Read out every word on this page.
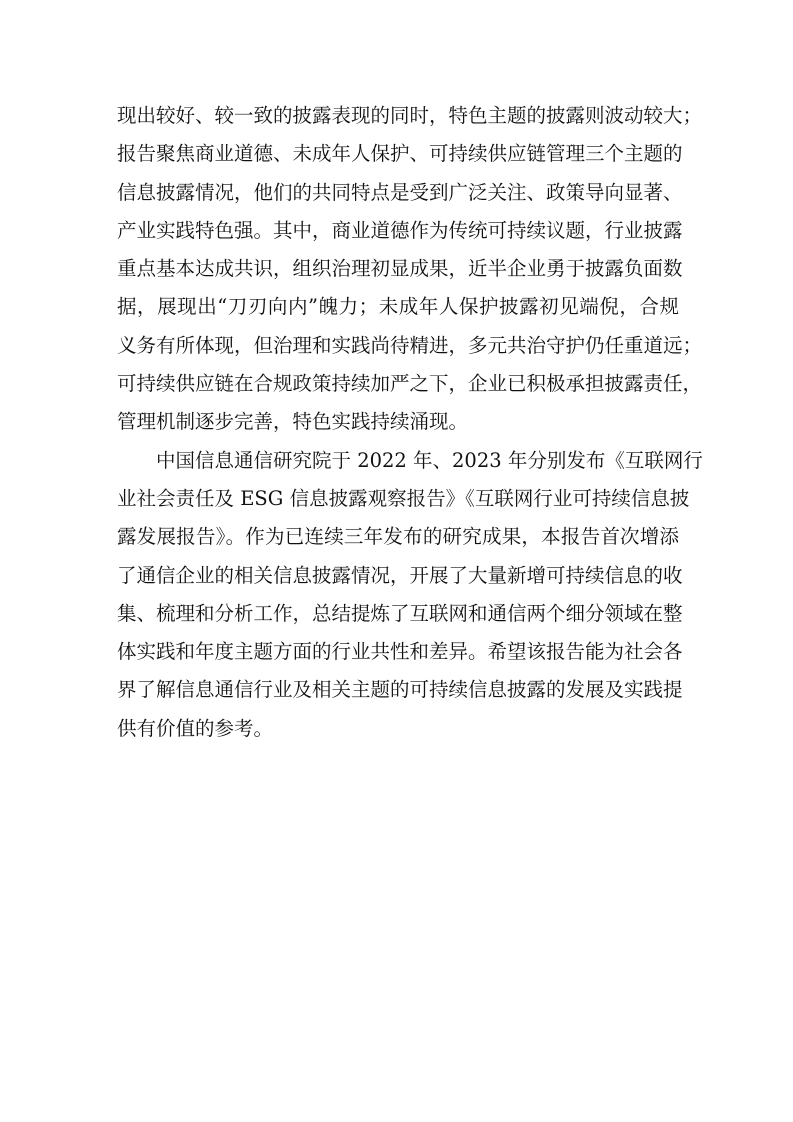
现出较好、较一致的披露表现的同时，特色主题的披露则波动较大；
报告聚焦商业道德、未成年人保护、可持续供应链管理三个主题的
信息披露情况，他们的共同特点是受到广泛关注、政策导向显著、
产业实践特色强。其中，商业道德作为传统可持续议题，行业披露
重点基本达成共识，组织治理初显成果，近半企业勇于披露负面数
据，展现出“刀刃向内”魄力；未成年人保护披露初见端倪，合规
义务有所体现，但治理和实践尚待精进，多元共治守护仍任重道远；
可持续供应链在合规政策持续加严之下，企业已积极承担披露责任，
管理机制逐步完善，特色实践持续涌现。
中国信息通信研究院于 2022 年、2023 年分别发布《互联网行
业社会责任及 ESG 信息披露观察报告》《互联网行业可持续信息披
露发展报告》。作为已连续三年发布的研究成果，本报告首次增添
了通信企业的相关信息披露情况，开展了大量新增可持续信息的收
集、梳理和分析工作，总结提炼了互联网和通信两个细分领域在整
体实践和年度主题方面的行业共性和差异。希望该报告能为社会各
界了解信息通信行业及相关主题的可持续信息披露的发展及实践提
供有价值的参考。
